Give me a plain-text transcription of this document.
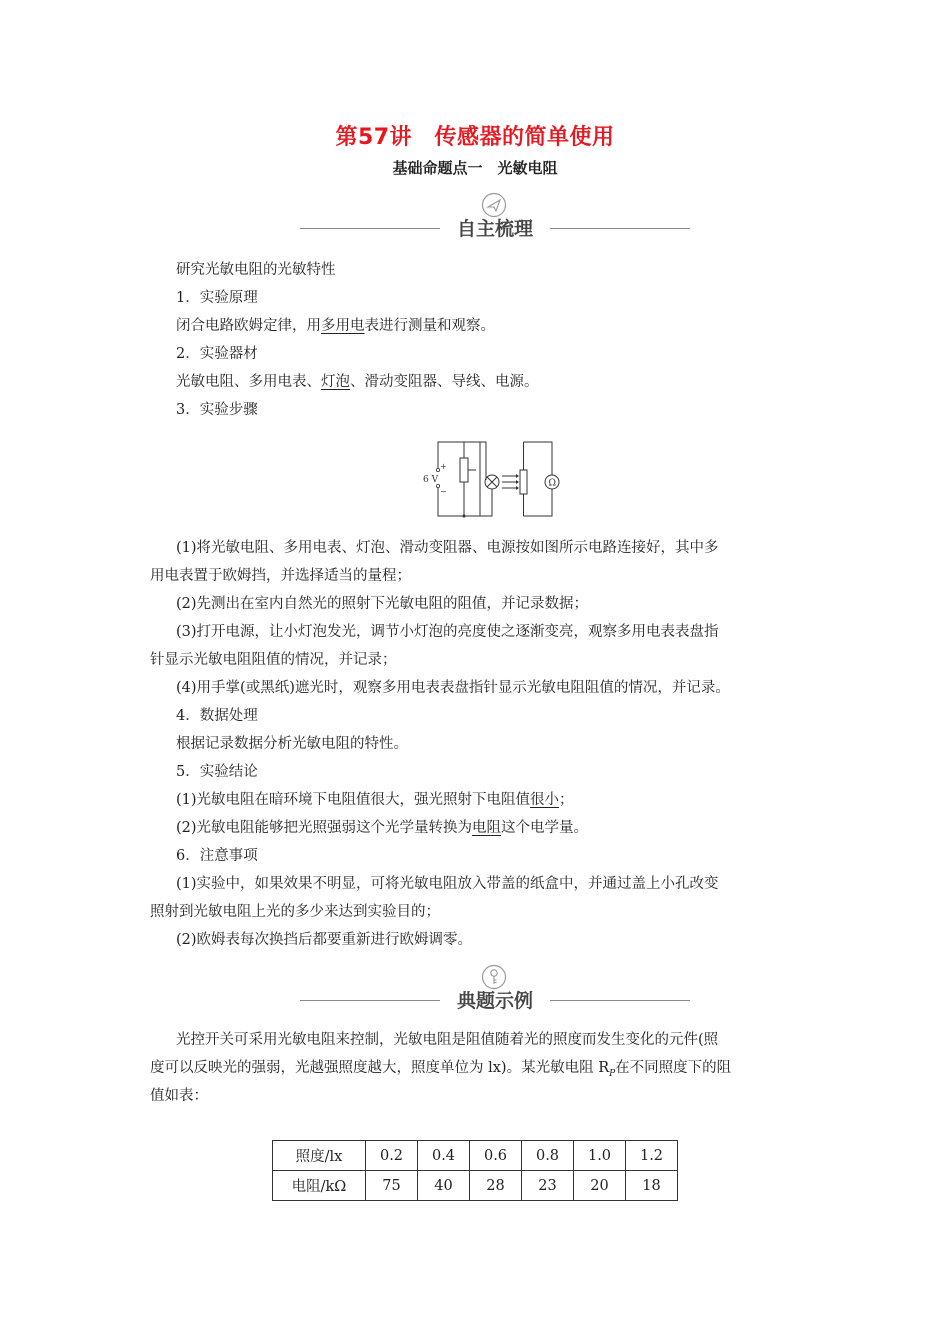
第57讲　传感器的简单使用
基础命题点一　光敏电阻
自主梳理
研究光敏电阻的光敏特性
1．实验原理
闭合电路欧姆定律，用多用电表进行测量和观察。
2．实验器材
光敏电阻、多用电表、灯泡、滑动变阻器、导线、电源。
3．实验步骤
6 V
+
−
Ω
(1)将光敏电阻、多用电表、灯泡、滑动变阻器、电源按如图所示电路连接好，其中多
用电表置于欧姆挡，并选择适当的量程；
(2)先测出在室内自然光的照射下光敏电阻的阻值，并记录数据；
(3)打开电源，让小灯泡发光，调节小灯泡的亮度使之逐渐变亮，观察多用电表表盘指
针显示光敏电阻阻值的情况，并记录；
(4)用手掌(或黑纸)遮光时，观察多用电表表盘指针显示光敏电阻阻值的情况，并记录。
4．数据处理
根据记录数据分析光敏电阻的特性。
5．实验结论
(1)光敏电阻在暗环境下电阻值很大，强光照射下电阻值很小；
(2)光敏电阻能够把光照强弱这个光学量转换为电阻这个电学量。
6．注意事项
(1)实验中，如果效果不明显，可将光敏电阻放入带盖的纸盒中，并通过盖上小孔改变
照射到光敏电阻上光的多少来达到实验目的；
(2)欧姆表每次换挡后都要重新进行欧姆调零。
典题示例
光控开关可采用光敏电阻来控制，光敏电阻是阻值随着光的照度而发生变化的元件(照
度可以反映光的强弱，光越强照度越大，照度单位为 lx)。某光敏电阻 $R_P$在不同照度下的阻
值如表：
照度/lx	0.2	0.4	0.6	0.8	1.0	1.2
电阻/kΩ	75	40	28	23	20	18
